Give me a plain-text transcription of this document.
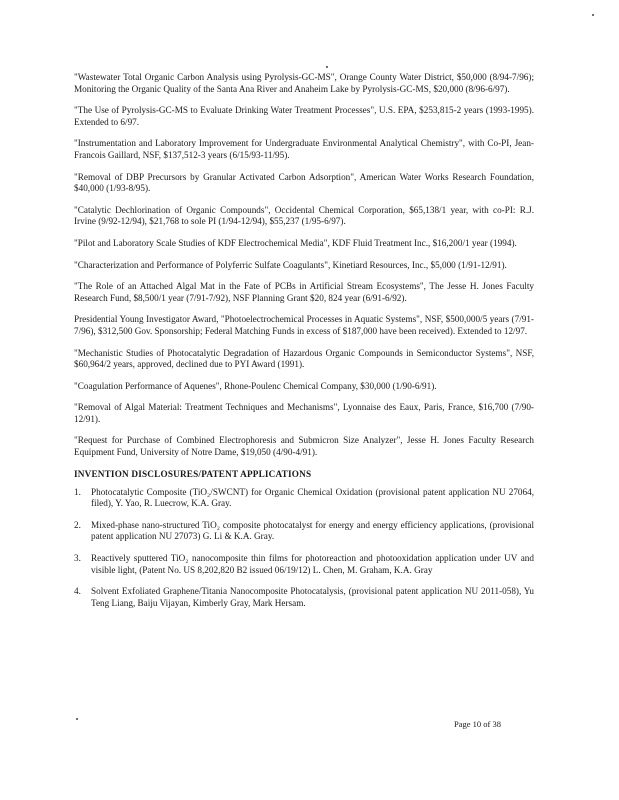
"Wastewater Total Organic Carbon Analysis using Pyrolysis-GC-MS", Orange County Water District, $50,000 (8/94-7/96); Monitoring the Organic Quality of the Santa Ana River and Anaheim Lake by Pyrolysis-GC-MS, $20,000 (8/96-6/97).

"The Use of Pyrolysis-GC-MS to Evaluate Drinking Water Treatment Processes", U.S. EPA, $253,815-2 years (1993-1995). Extended to 6/97.

"Instrumentation and Laboratory Improvement for Undergraduate Environmental Analytical Chemistry", with Co-PI, Jean-Francois Gaillard, NSF, $137,512-3 years (6/15/93-11/95).

"Removal of DBP Precursors by Granular Activated Carbon Adsorption", American Water Works Research Foundation, $40,000 (1/93-8/95).

"Catalytic Dechlorination of Organic Compounds", Occidental Chemical Corporation, $65,138/1 year, with co-PI: R.J. Irvine (9/92-12/94), $21,768 to sole PI (1/94-12/94), $55,237 (1/95-6/97).

"Pilot and Laboratory Scale Studies of KDF Electrochemical Media", KDF Fluid Treatment Inc., $16,200/1 year (1994).

"Characterization and Performance of Polyferric Sulfate Coagulants", Kinetiard Resources, Inc., $5,000 (1/91-12/91).

"The Role of an Attached Algal Mat in the Fate of PCBs in Artificial Stream Ecosystems", The Jesse H. Jones Faculty Research Fund, $8,500/1 year (7/91-7/92), NSF Planning Grant $20, 824 year (6/91-6/92).

Presidential Young Investigator Award, "Photoelectrochemical Processes in Aquatic Systems", NSF, $500,000/5 years (7/91-7/96), $312,500 Gov. Sponsorship; Federal Matching Funds in excess of $187,000 have been received). Extended to 12/97.

"Mechanistic Studies of Photocatalytic Degradation of Hazardous Organic Compounds in Semiconductor Systems", NSF, $60,964/2 years, approved, declined due to PYI Award (1991).

"Coagulation Performance of Aquenes", Rhone-Poulenc Chemical Company, $30,000 (1/90-6/91).

"Removal of Algal Material: Treatment Techniques and Mechanisms", Lyonnaise des Eaux, Paris, France, $16,700 (7/90-12/91).

"Request for Purchase of Combined Electrophoresis and Submicron Size Analyzer", Jesse H. Jones Faculty Research Equipment Fund, University of Notre Dame, $19,050 (4/90-4/91).

INVENTION DISCLOSURES/PATENT APPLICATIONS
1.	Photocatalytic Composite (TiO₂/SWCNT) for Organic Chemical Oxidation (provisional patent application NU 27064, filed), Y. Yao, R. Luecrow, K.A. Gray.
2.	Mixed-phase nano-structured TiO₂ composite photocatalyst for energy and energy efficiency applications, (provisional patent application NU 27073) G. Li & K.A. Gray.
3.	Reactively sputtered TiO₂ nanocomposite thin films for photoreaction and photooxidation application under UV and visible light, (Patent No. US 8,202,820 B2 issued 06/19/12) L. Chen, M. Graham, K.A. Gray
4.	Solvent Exfoliated Graphene/Titania Nanocomposite Photocatalysis, (provisional patent application NU 2011-058), Yu Teng Liang, Baiju Vijayan, Kimberly Gray, Mark Hersam.
Page 10 of 38
